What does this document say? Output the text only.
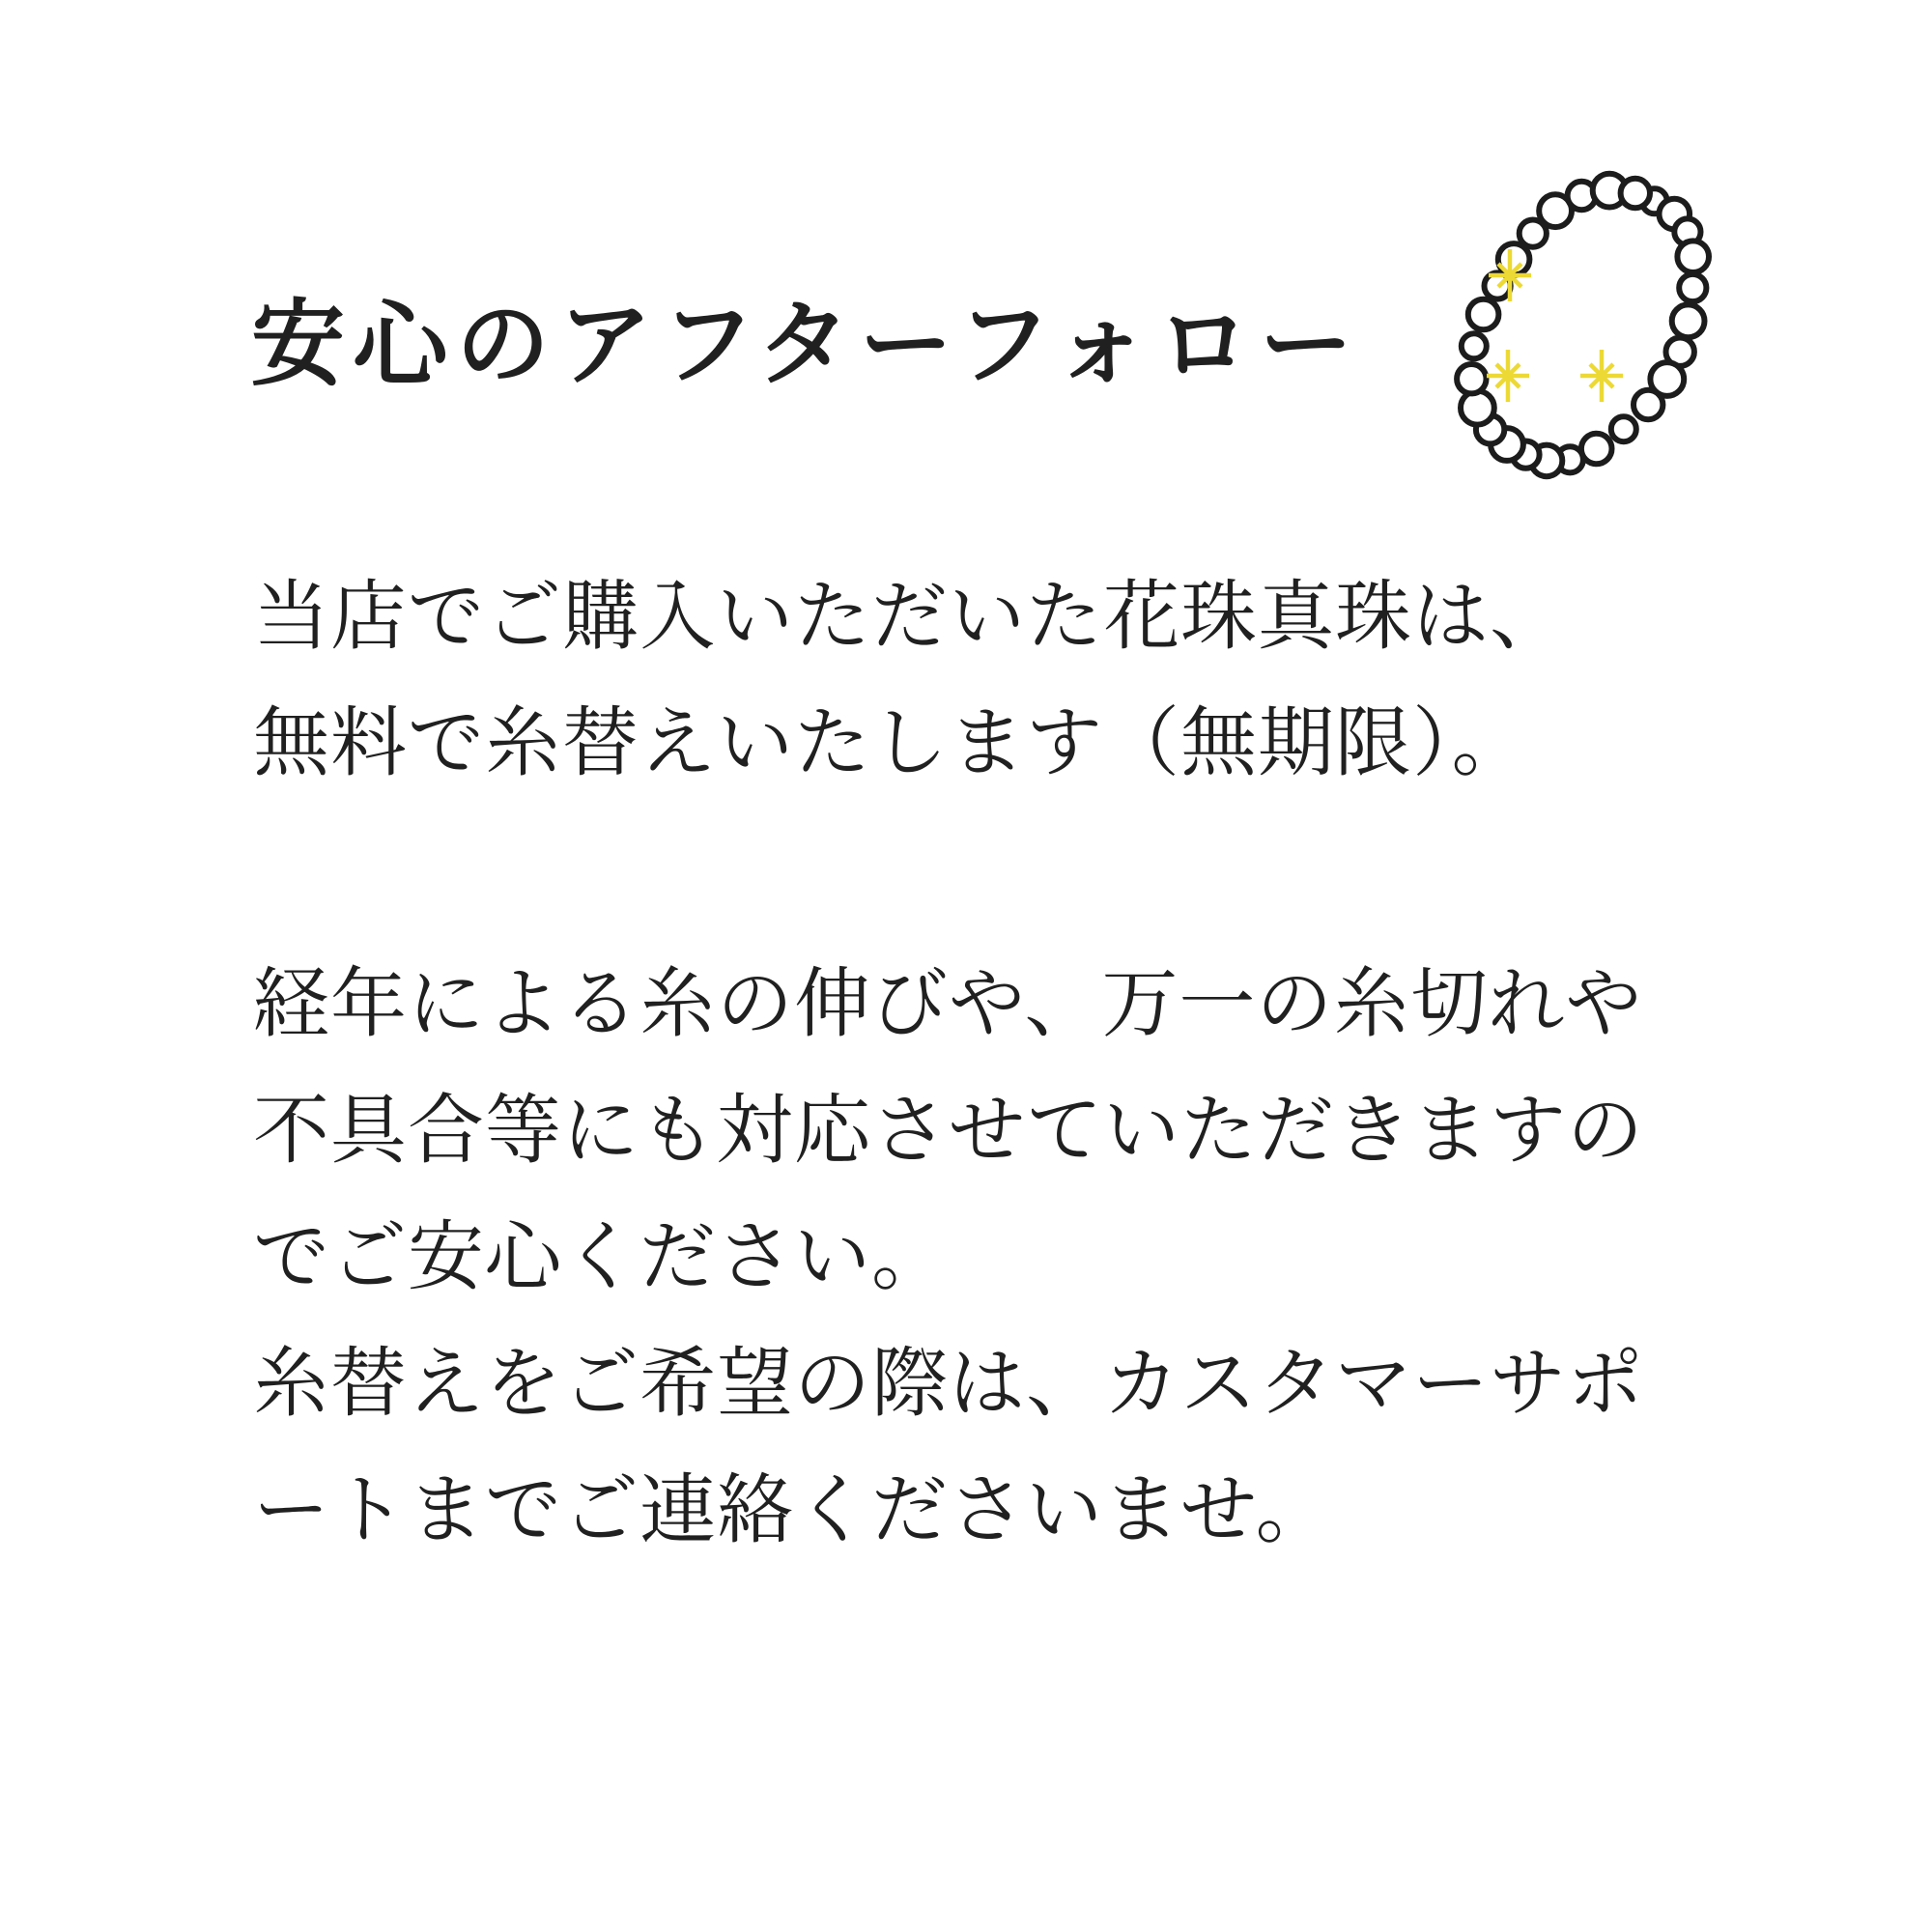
安心のアフターフォロー

当店でご購入いただいた花珠真珠は、
無料で糸替えいたします（無期限）。

経年による糸の伸びや、万一の糸切れや
不具合等にも対応させていただきますの
でご安心ください。
糸替えをご希望の際は、カスタマーサポ
ートまでご連絡くださいませ。
